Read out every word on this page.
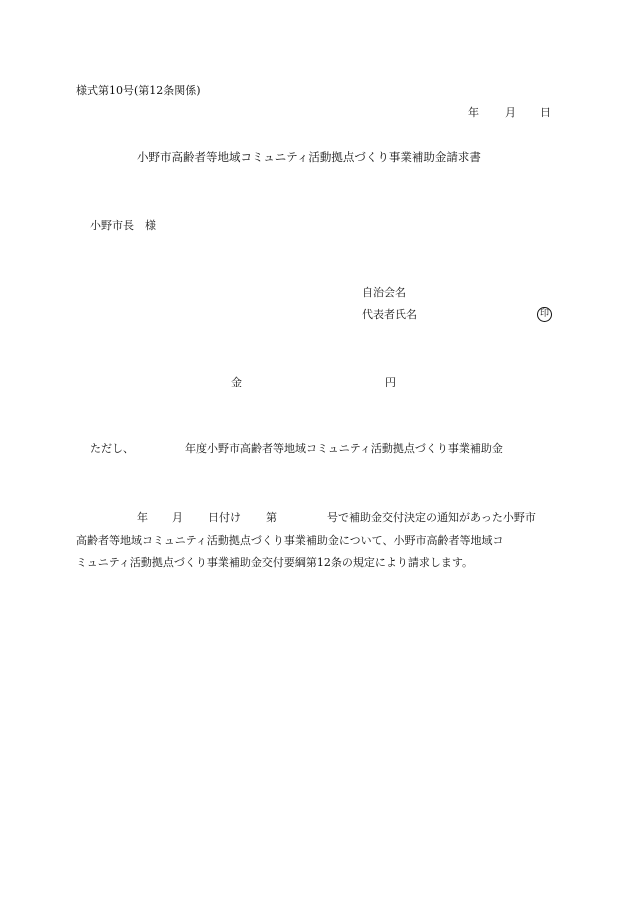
様式第10号(第12条関係)
年 月 日
小野市高齢者等地域コミュニティ活動拠点づくり事業補助金請求書
小野市長　様
自治会名
代表者氏名	印
金	円
ただし、	年度小野市高齢者等地域コミュニティ活動拠点づくり事業補助金
年 月 日付け 第	号で補助金交付決定の通知があった小野市
高齢者等地域コミュニティ活動拠点づくり事業補助金について、小野市高齢者等地域コ
ミュニティ活動拠点づくり事業補助金交付要綱第12条の規定により請求します。
